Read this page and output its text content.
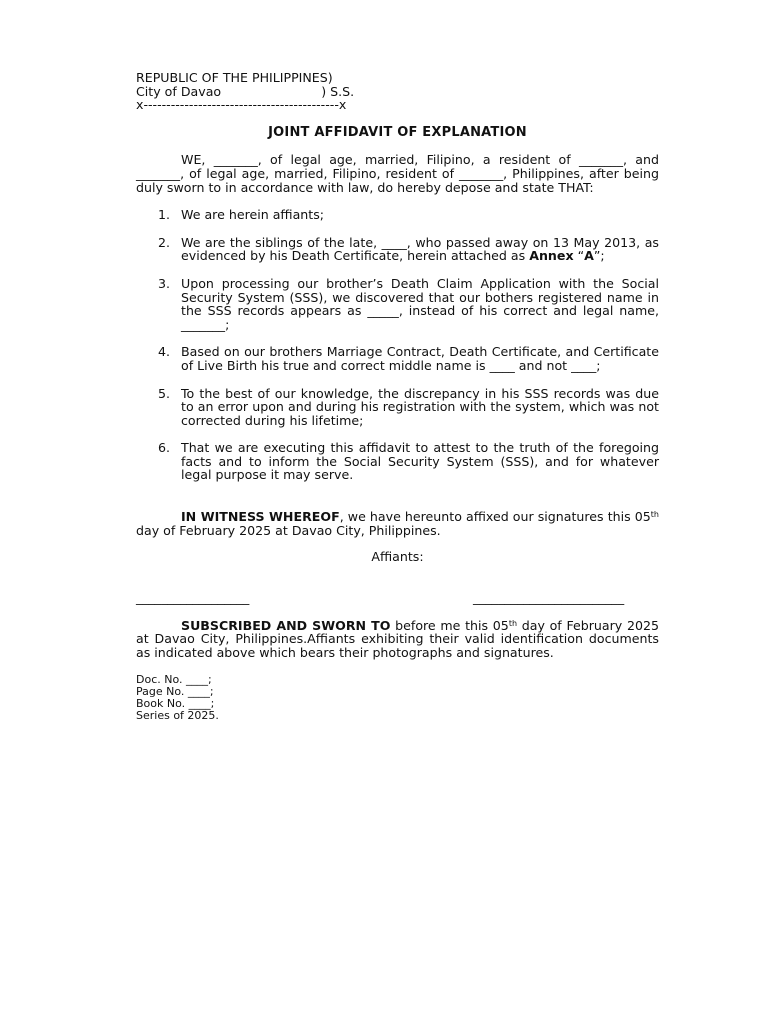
REPUBLIC OF THE PHILIPPINES)
City of Davao                         ) S.S.
x-------------------------------------------x
JOINT AFFIDAVIT OF EXPLANATION

WE, _______, of legal age, married, Filipino, a resident of _______, and _______, of legal age, married, Filipino, resident of _______, Philippines, after being duly sworn to in accordance with law, do hereby depose and state THAT:

1. We are herein affiants;
2. We are the siblings of the late, ____, who passed away on 13 May 2013, as evidenced by his Death Certificate, herein attached as Annex “A”;
3. Upon processing our brother’s Death Claim Application with the Social Security System (SSS), we discovered that our bothers registered name in the SSS records appears as _____, instead of his correct and legal name, _______;
4. Based on our brothers Marriage Contract, Death Certificate, and Certificate of Live Birth his true and correct middle name is ____ and not ____;
5. To the best of our knowledge, the discrepancy in his SSS records was due to an error upon and during his registration with the system, which was not corrected during his lifetime;
6. That we are executing this affidavit to attest to the truth of the foregoing facts and to inform the Social Security System (SSS), and for whatever legal purpose it may serve.

IN WITNESS WHEREOF, we have hereunto affixed our signatures this 05th day of February 2025 at Davao City, Philippines.

Affiants:
__________________	________________________

SUBSCRIBED AND SWORN TO before me this 05th day of February 2025 at Davao City, Philippines.Affiants exhibiting their valid identification documents as indicated above which bears their photographs and signatures.

Doc. No. ____;
Page No. ____;
Book No. ____;
Series of 2025.
